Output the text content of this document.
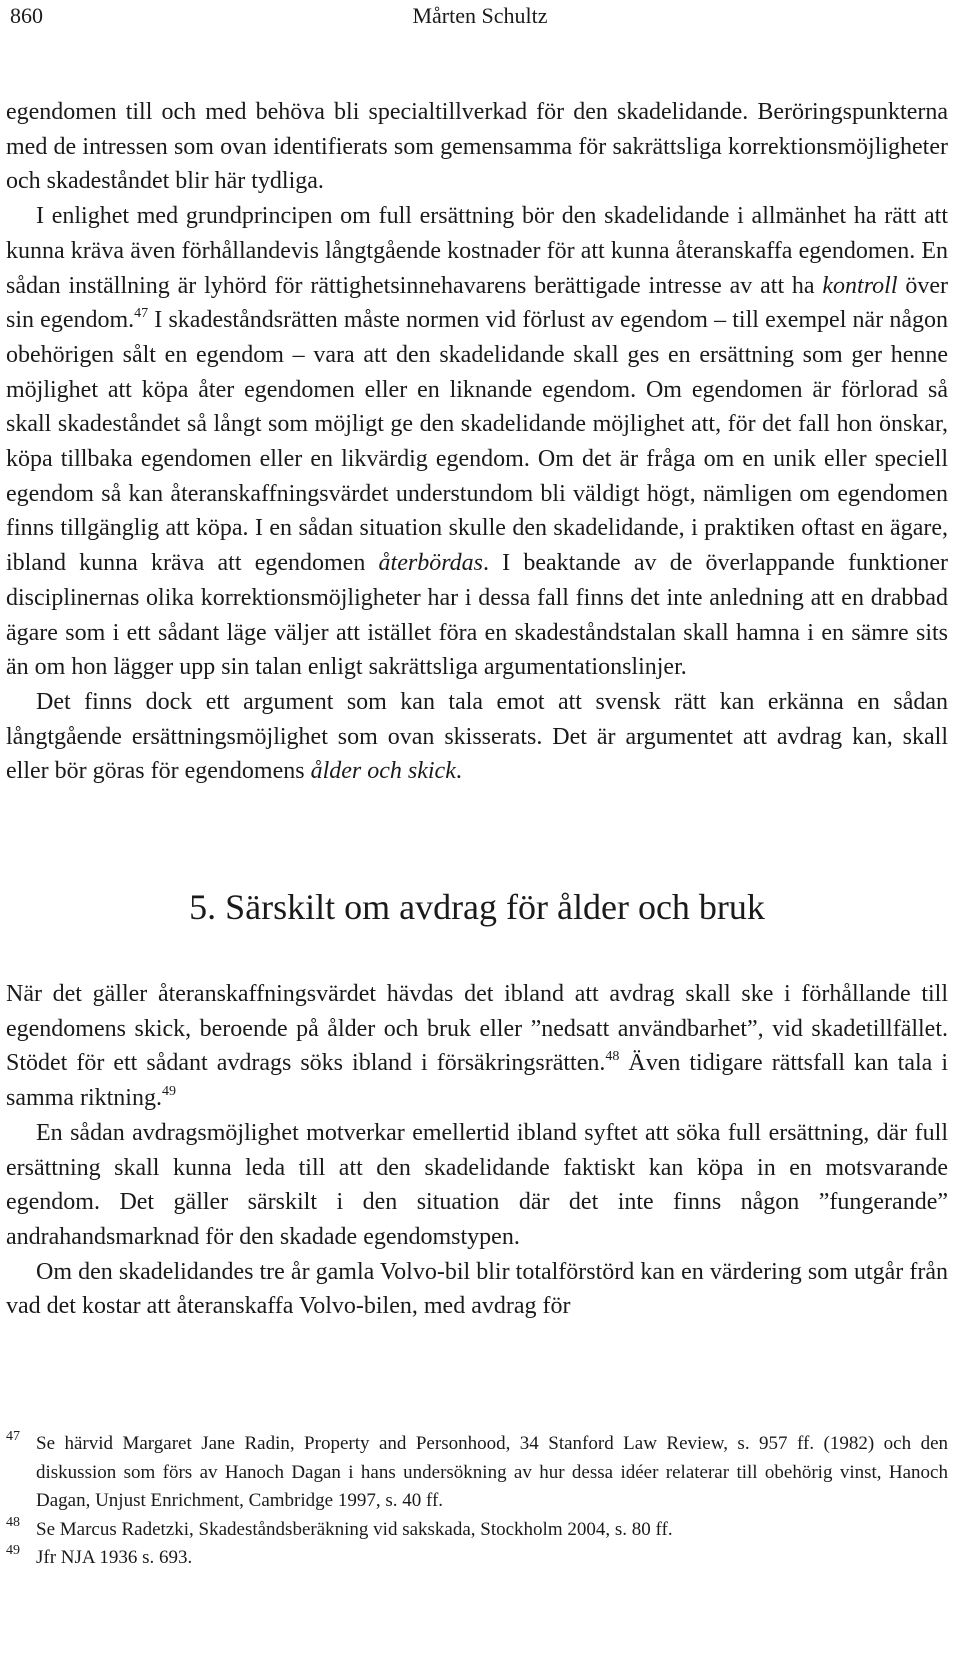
860	Mårten Schultz

egendomen till och med behöva bli specialtillverkad för den skadelidande. Beröringspunkterna med de intressen som ovan identifierats som gemensamma för sakrättsliga korrektionsmöjligheter och skadeståndet blir här tydliga.

I enlighet med grundprincipen om full ersättning bör den skadelidande i allmänhet ha rätt att kunna kräva även förhållandevis långtgående kostnader för att kunna återanskaffa egendomen. En sådan inställning är lyhörd för rättighetsinnehavarens berättigade intresse av att ha kontroll över sin egendom.$^{47}$ I skadeståndsrätten måste normen vid förlust av egendom – till exempel när någon obehörigen sålt en egendom – vara att den skadelidande skall ges en ersättning som ger henne möjlighet att köpa åter egendomen eller en liknande egendom. Om egendomen är förlorad så skall skadeståndet så långt som möjligt ge den skadelidande möjlighet att, för det fall hon önskar, köpa tillbaka egendomen eller en likvärdig egendom. Om det är fråga om en unik eller speciell egendom så kan återanskaffningsvärdet understundom bli väldigt högt, nämligen om egendomen finns tillgänglig att köpa. I en sådan situation skulle den skadelidande, i praktiken oftast en ägare, ibland kunna kräva att egendomen återbördas. I beaktande av de överlappande funktioner disciplinernas olika korrektionsmöjligheter har i dessa fall finns det inte anledning att en drabbad ägare som i ett sådant läge väljer att istället föra en skadeståndstalan skall hamna i en sämre sits än om hon lägger upp sin talan enligt sakrättsliga argumentationslinjer.

Det finns dock ett argument som kan tala emot att svensk rätt kan erkänna en sådan långtgående ersättningsmöjlighet som ovan skisserats. Det är argumentet att avdrag kan, skall eller bör göras för egendomens ålder och skick.

5. Särskilt om avdrag för ålder och bruk

När det gäller återanskaffningsvärdet hävdas det ibland att avdrag skall ske i förhållande till egendomens skick, beroende på ålder och bruk eller ”nedsatt användbarhet”, vid skadetillfället. Stödet för ett sådant avdrags söks ibland i försäkringsrätten.$^{48}$ Även tidigare rättsfall kan tala i samma riktning.$^{49}$

En sådan avdragsmöjlighet motverkar emellertid ibland syftet att söka full ersättning, där full ersättning skall kunna leda till att den skadelidande faktiskt kan köpa in en motsvarande egendom. Det gäller särskilt i den situation där det inte finns någon ”fungerande” andrahandsmarknad för den skadade egendomstypen.

Om den skadelidandes tre år gamla Volvo-bil blir totalförstörd kan en värdering som utgår från vad det kostar att återanskaffa Volvo-bilen, med avdrag för

47 Se härvid Margaret Jane Radin, Property and Personhood, 34 Stanford Law Review, s. 957 ff. (1982) och den diskussion som förs av Hanoch Dagan i hans undersökning av hur dessa idéer relaterar till obehörig vinst, Hanoch Dagan, Unjust Enrichment, Cambridge 1997, s. 40 ff.
48 Se Marcus Radetzki, Skadeståndsberäkning vid sakskada, Stockholm 2004, s. 80 ff.
49 Jfr NJA 1936 s. 693.
